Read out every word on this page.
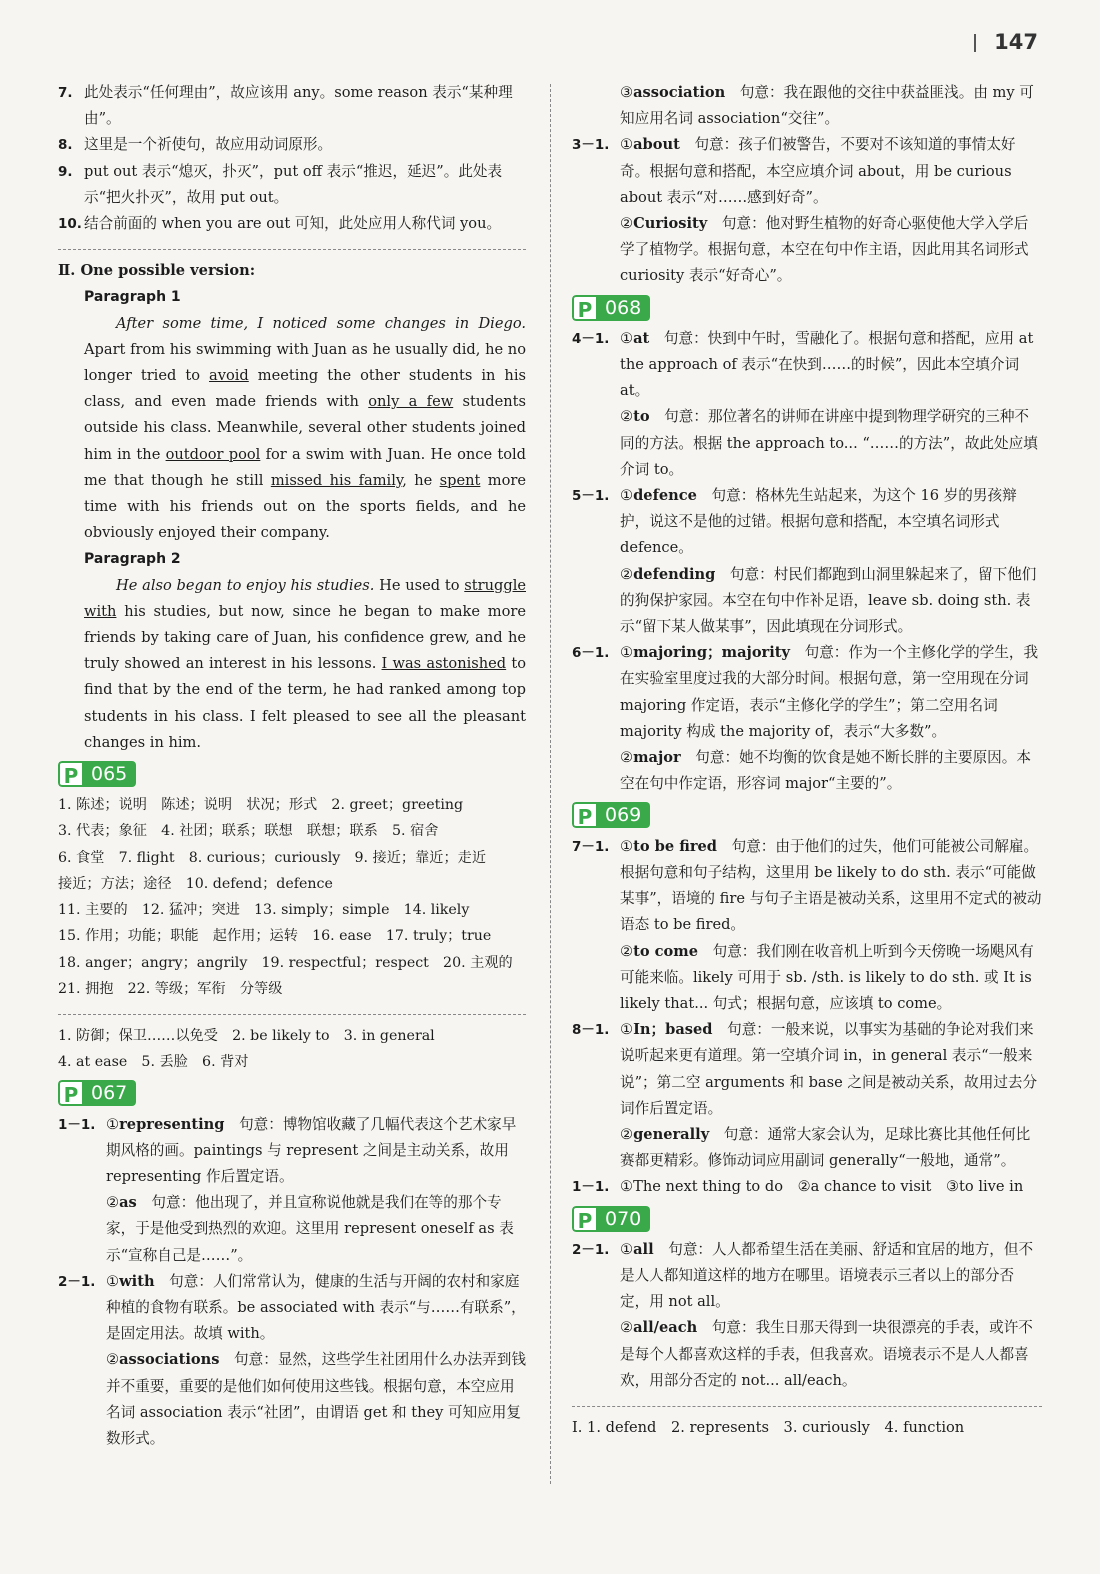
147
7. 此处表示“任何理由”，故应该用 any。some reason 表示“某种理由”。
8. 这里是一个祈使句，故应用动词原形。
9. put out 表示“熄灭，扑灭”，put off 表示“推迟，延迟”。此处表示“把火扑灭”，故用 put out。
10. 结合前面的 when you are out 可知，此处应用人称代词 you。
Ⅱ. One possible version:
Paragraph 1

After some time, I noticed some changes in Diego. Apart from his swimming with Juan as he usually did, he no longer tried to avoid meeting the other students in his class, and even made friends with only a few students outside his class. Meanwhile, several other students joined him in the outdoor pool for a swim with Juan. He once told me that though he still missed his family, he spent more time with his friends out on the sports fields, and he obviously enjoyed their company.

Paragraph 2

He also began to enjoy his studies. He used to struggle with his studies, but now, since he began to make more friends by taking care of Juan, his confidence grew, and he truly showed an interest in his lessons. I was astonished to find that by the end of the term, he had ranked among top students in his class. I felt pleased to see all the pleasant changes in him.

P 065
1. 陈述；说明　陈述；说明　状况；形式　2. greet；greeting
3. 代表；象征　4. 社团；联系；联想　联想；联系　5. 宿舍
6. 食堂　7. flight　8. curious；curiously　9. 接近；靠近；走近
接近；方法；途径　10. defend；defence
11. 主要的　12. 猛冲；突进　13. simply；simple　14. likely
15. 作用；功能；职能　起作用；运转　16. ease　17. truly；true
18. anger；angry；angrily　19. respectful；respect　20. 主观的
21. 拥抱　22. 等级；军衔　分等级
1. 防御；保卫……以免受　2. be likely to　3. in general
4. at ease　5. 丢脸　6. 背对
P 067
1－1. ①representing　句意：博物馆收藏了几幅代表这个艺术家早期风格的画。paintings 与 represent 之间是主动关系，故用 representing 作后置定语。
②as　句意：他出现了，并且宣称说他就是我们在等的那个专家，于是他受到热烈的欢迎。这里用 represent oneself as 表示“宣称自己是……”。
2－1. ①with　句意：人们常常认为，健康的生活与开阔的农村和家庭种植的食物有联系。be associated with 表示“与……有联系”，是固定用法。故填 with。
②associations　句意：显然，这些学生社团用什么办法弄到钱并不重要，重要的是他们如何使用这些钱。根据句意，本空应用名词 association 表示“社团”，由谓语 get 和 they 可知应用复数形式。
③association　句意：我在跟他的交往中获益匪浅。由 my 可知应用名词 association“交往”。
3－1. ①about　句意：孩子们被警告，不要对不该知道的事情太好奇。根据句意和搭配，本空应填介词 about，用 be curious about 表示“对……感到好奇”。
②Curiosity　句意：他对野生植物的好奇心驱使他大学入学后学了植物学。根据句意，本空在句中作主语，因此用其名词形式 curiosity 表示“好奇心”。
P 068
4－1. ①at　句意：快到中午时，雪融化了。根据句意和搭配，应用 at the approach of 表示“在快到……的时候”，因此本空填介词 at。
②to　句意：那位著名的讲师在讲座中提到物理学研究的三种不同的方法。根据 the approach to... “……的方法”，故此处应填介词 to。
5－1. ①defence　句意：格林先生站起来，为这个 16 岁的男孩辩护，说这不是他的过错。根据句意和搭配，本空填名词形式 defence。
②defending　句意：村民们都跑到山洞里躲起来了，留下他们的狗保护家园。本空在句中作补足语，leave sb. doing sth. 表示“留下某人做某事”，因此填现在分词形式。
6－1. ①majoring；majority　句意：作为一个主修化学的学生，我在实验室里度过我的大部分时间。根据句意，第一空用现在分词 majoring 作定语，表示“主修化学的学生”；第二空用名词 majority 构成 the majority of，表示“大多数”。
②major　句意：她不均衡的饮食是她不断长胖的主要原因。本空在句中作定语，形容词 major“主要的”。
P 069
7－1. ①to be fired　句意：由于他们的过失，他们可能被公司解雇。根据句意和句子结构，这里用 be likely to do sth. 表示“可能做某事”，语境的 fire 与句子主语是被动关系，这里用不定式的被动语态 to be fired。
②to come　句意：我们刚在收音机上听到今天傍晚一场飓风有可能来临。likely 可用于 sb. /sth. is likely to do sth. 或 It is likely that... 句式；根据句意，应该填 to come。
8－1. ①In；based　句意：一般来说，以事实为基础的争论对我们来说听起来更有道理。第一空填介词 in，in general 表示“一般来说”；第二空 arguments 和 base 之间是被动关系，故用过去分词作后置定语。
②generally　句意：通常大家会认为，足球比赛比其他任何比赛都更精彩。修饰动词应用副词 generally“一般地，通常”。
1－1. ①The next thing to do　②a chance to visit　③to live in
P 070
2－1. ①all　句意：人人都希望生活在美丽、舒适和宜居的地方，但不是人人都知道这样的地方在哪里。语境表示三者以上的部分否定，用 not all。
②all/each　句意：我生日那天得到一块很漂亮的手表，或许不是每个人都喜欢这样的手表，但我喜欢。语境表示不是人人都喜欢，用部分否定的 not... all/each。
Ⅰ. 1. defend　2. represents　3. curiously　4. function
